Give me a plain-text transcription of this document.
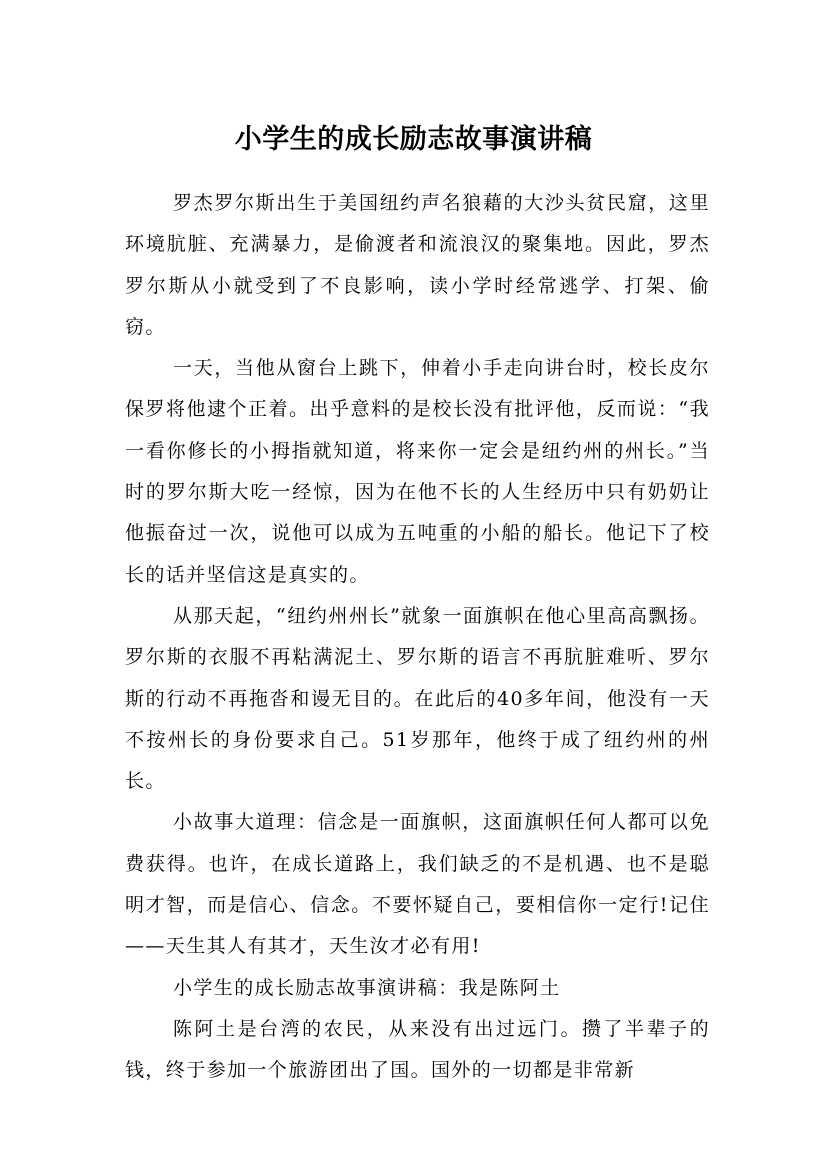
小学生的成长励志故事演讲稿

罗杰罗尔斯出生于美国纽约声名狼藉的大沙头贫民窟，这里环境肮脏、充满暴力，是偷渡者和流浪汉的聚集地。因此，罗杰罗尔斯从小就受到了不良影响，读小学时经常逃学、打架、偷窃。

一天，当他从窗台上跳下，伸着小手走向讲台时，校长皮尔保罗将他逮个正着。出乎意料的是校长没有批评他，反而说：“我一看你修长的小拇指就知道，将来你一定会是纽约州的州长。”当时的罗尔斯大吃一经惊，因为在他不长的人生经历中只有奶奶让他振奋过一次，说他可以成为五吨重的小船的船长。他记下了校长的话并坚信这是真实的。

从那天起，“纽约州州长”就象一面旗帜在他心里高高飘扬。罗尔斯的衣服不再粘满泥土、罗尔斯的语言不再肮脏难听、罗尔斯的行动不再拖沓和谩无目的。在此后的40多年间，他没有一天不按州长的身份要求自己。51岁那年，他终于成了纽约州的州长。

小故事大道理：信念是一面旗帜，这面旗帜任何人都可以免费获得。也许，在成长道路上，我们缺乏的不是机遇、也不是聪明才智，而是信心、信念。不要怀疑自己，要相信你一定行!记住——天生其人有其才，天生汝才必有用!

小学生的成长励志故事演讲稿：我是陈阿土

陈阿土是台湾的农民，从来没有出过远门。攒了半辈子的钱，终于参加一个旅游团出了国。国外的一切都是非常新
